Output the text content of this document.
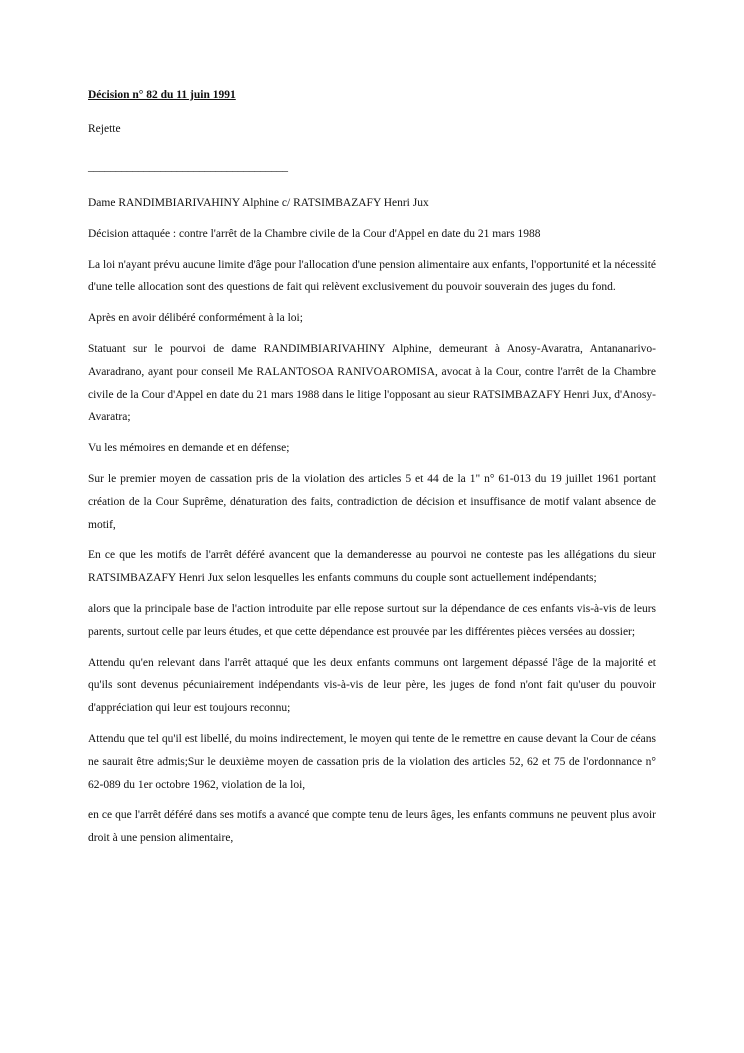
Décision n° 82 du 11 juin 1991

Rejette

____________________________________

Dame RANDIMBIARIVAHINY Alphine c/ RATSIMBAZAFY Henri Jux

Décision attaquée : contre l'arrêt de la Chambre civile de la Cour d'Appel en date du 21 mars 1988

La loi n'ayant prévu aucune limite d'âge pour l'allocation d'une pension alimentaire aux enfants, l'opportunité et la nécessité d'une telle allocation sont des questions de fait qui relèvent exclusivement du pouvoir souverain des juges du fond.

Après en avoir délibéré conformément à la loi;

Statuant sur le pourvoi de dame RANDIMBIARIVAHINY Alphine, demeurant à Anosy-Avaratra, Antananarivo-Avaradrano, ayant pour conseil Me RALANTOSOA RANIVOAROMISA, avocat à la Cour, contre l'arrêt de la Chambre civile de la Cour d'Appel en date du 21 mars 1988 dans le litige l'opposant au sieur RATSIMBAZAFY Henri Jux, d'Anosy-Avaratra;

Vu les mémoires en demande et en défense;

Sur le premier moyen de cassation pris de la violation des articles 5 et 44 de la 1" n° 61-013 du 19 juillet 1961 portant création de la Cour Suprême, dénaturation des faits, contradiction de décision et insuffisance de motif valant absence de motif,

En ce que les motifs de l'arrêt déféré avancent que la demanderesse au pourvoi ne conteste pas les allégations du sieur RATSIMBAZAFY Henri Jux selon lesquelles les enfants communs du couple sont actuellement indépendants;

alors que la principale base de l'action introduite par elle repose surtout sur la dépendance de ces enfants vis-à-vis de leurs parents, surtout celle par leurs études, et que cette dépendance est prouvée par les différentes pièces versées au dossier;

Attendu qu'en relevant dans l'arrêt attaqué que les deux enfants communs ont largement dépassé l'âge de la majorité et qu'ils sont devenus pécuniairement indépendants vis-à-vis de leur père, les juges de fond n'ont fait qu'user du pouvoir d'appréciation qui leur est toujours reconnu;

Attendu que tel qu'il est libellé, du moins indirectement, le moyen qui tente de le remettre en cause devant la Cour de céans ne saurait être admis;Sur le deuxième moyen de cassation pris de la violation des articles 52, 62 et 75 de l'ordonnance n° 62-089 du 1er octobre 1962, violation de la loi,

en ce que l'arrêt déféré dans ses motifs a avancé que compte tenu de leurs âges, les enfants communs ne peuvent plus avoir droit à une pension alimentaire,
